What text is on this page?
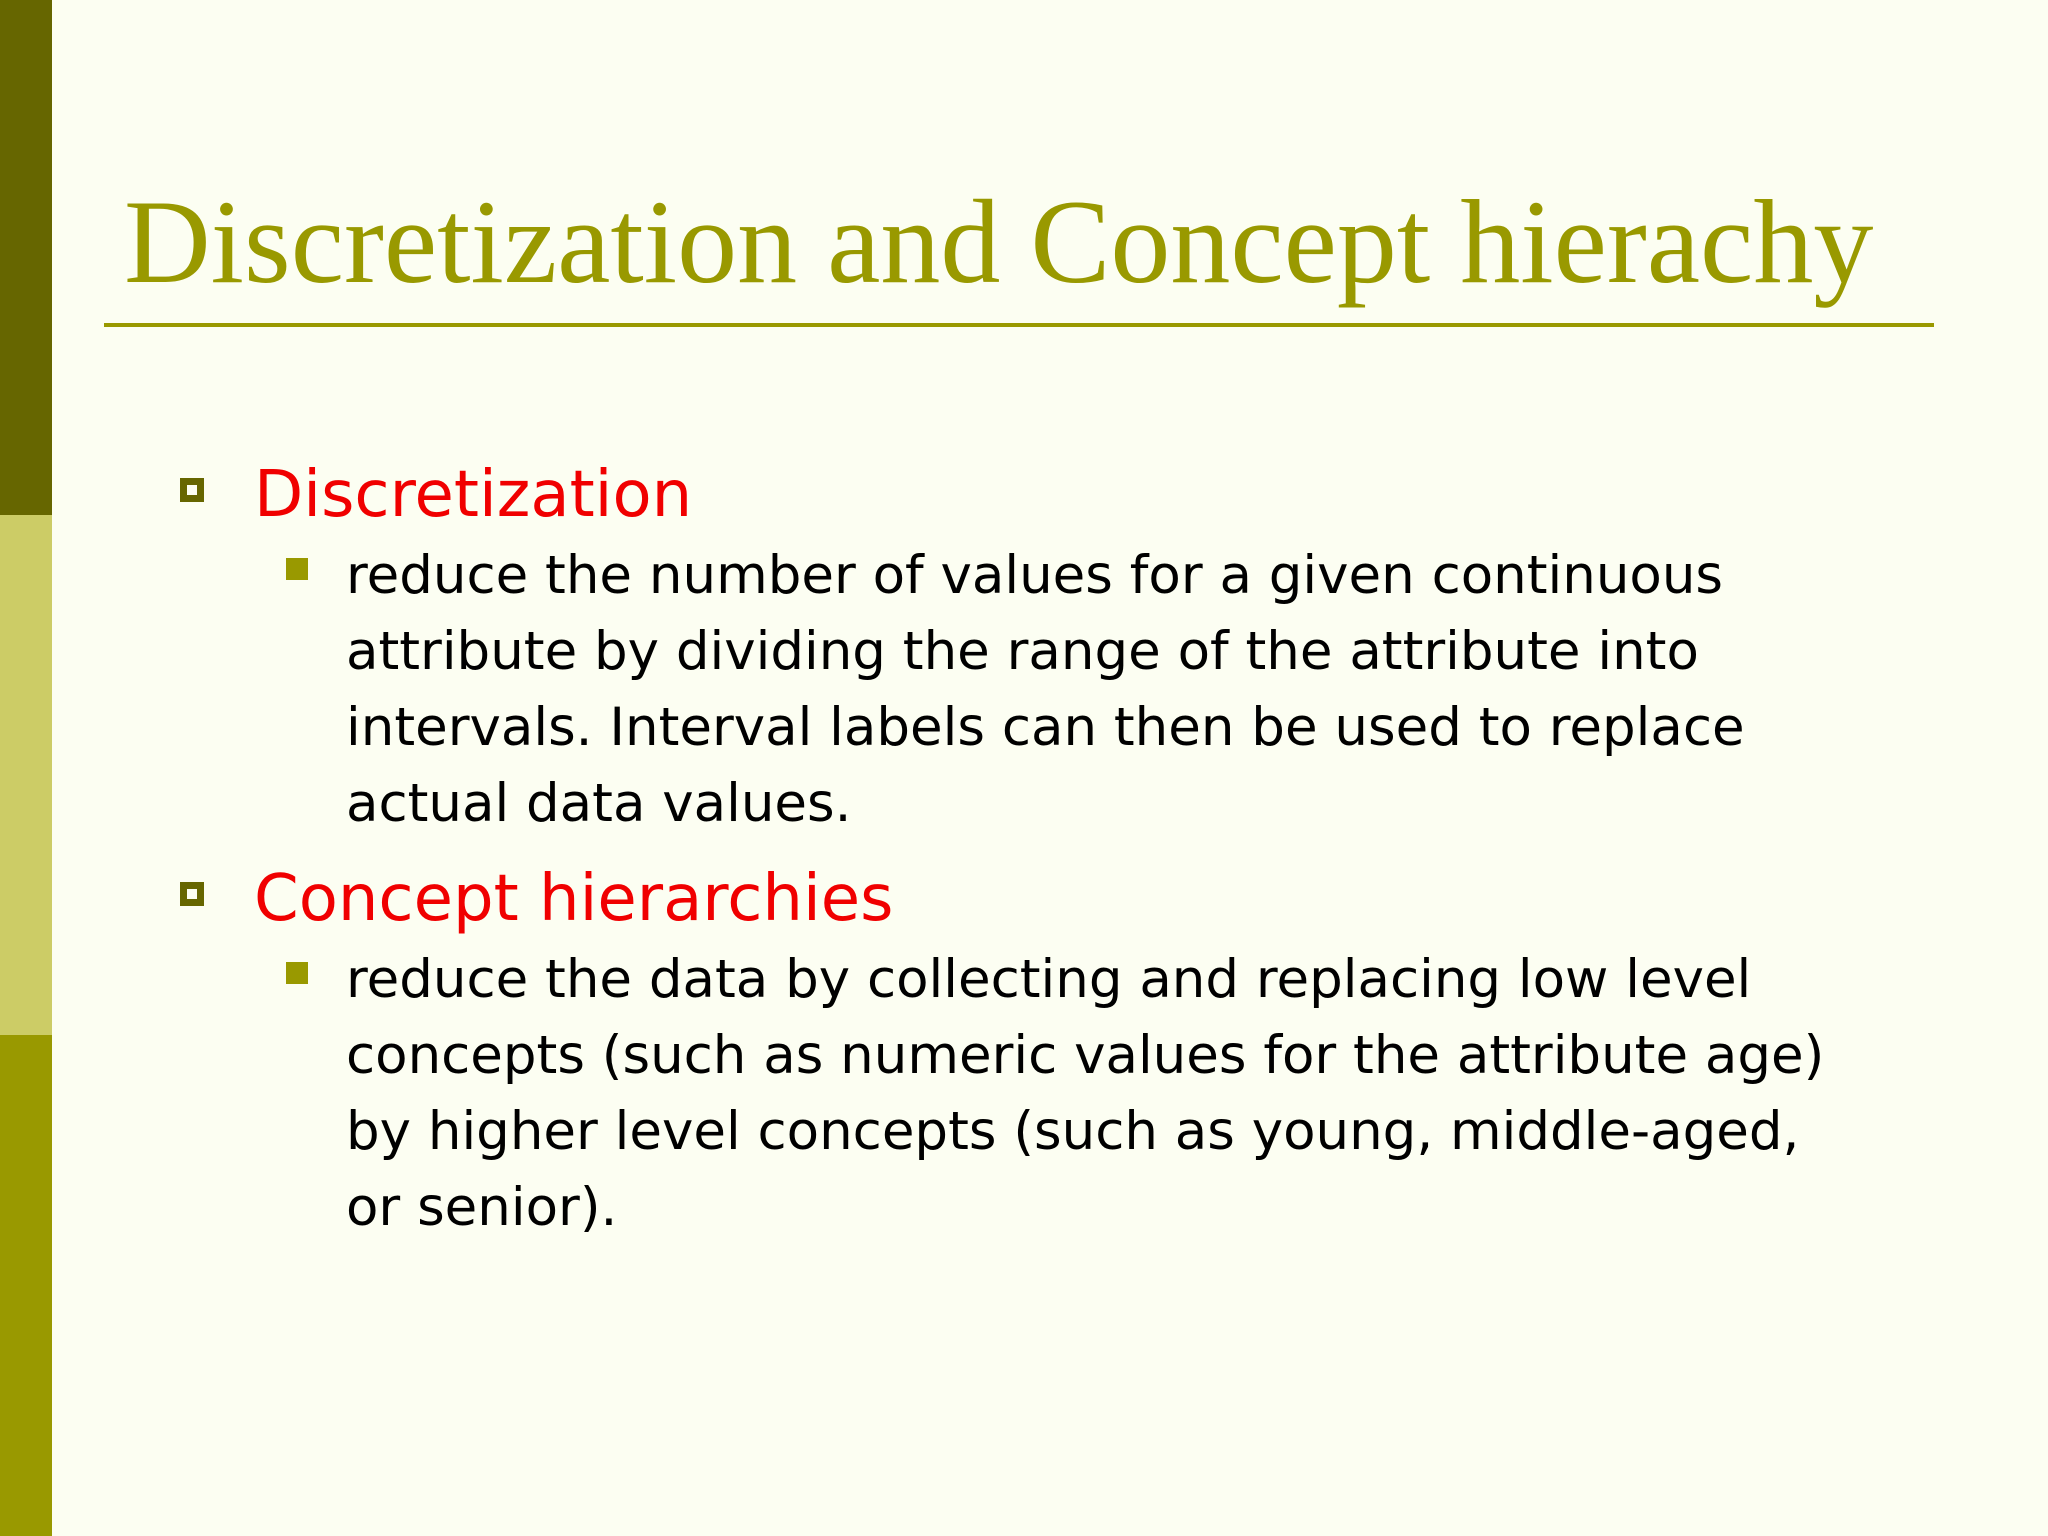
Discretization and Concept hierachy
Discretization
reduce the number of values for a given continuous
attribute by dividing the range of the attribute into
intervals. Interval labels can then be used to replace
actual data values.
Concept hierarchies
reduce the data by collecting and replacing low level
concepts (such as numeric values for the attribute age)
by higher level concepts (such as young, middle-aged,
or senior).
